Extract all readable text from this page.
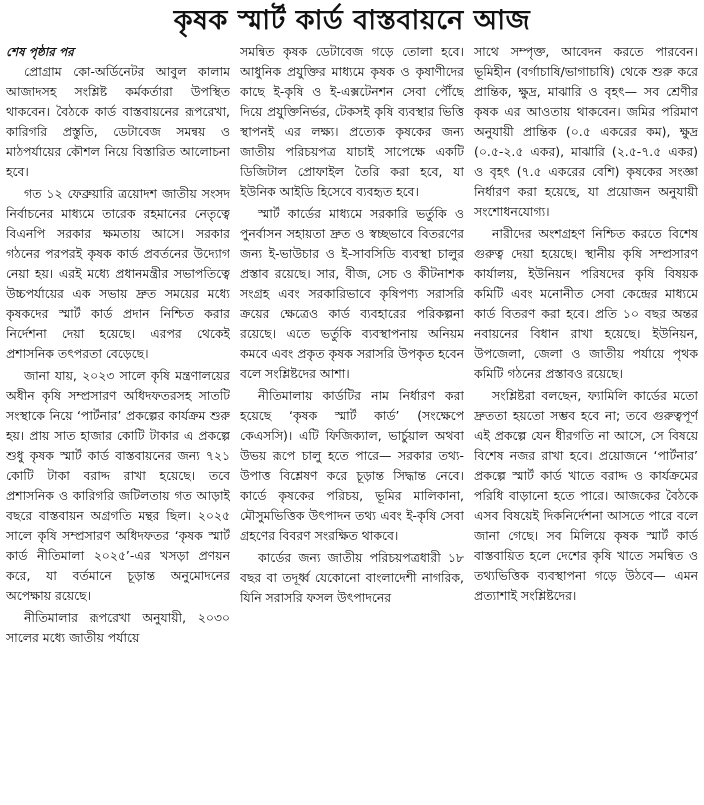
কৃষক স্মার্ট কার্ড বাস্তবায়নে আজ
শেষ পৃষ্ঠার পর

প্রোগ্রাম কো-অর্ডিনেটর আবুল কালাম আজাদসহ সংশ্লিষ্ট কর্মকর্তারা উপস্থিত থাকবেন। বৈঠকে কার্ড বাস্তবায়নের রূপরেখা, কারিগরি প্রস্তুতি, ডেটাবেজ সমন্বয় ও মাঠপর্যায়ের কৌশল নিয়ে বিস্তারিত আলোচনা হবে।

গত ১২ ফেব্রুয়ারি ত্রয়োদশ জাতীয় সংসদ নির্বাচনের মাধ্যমে তারেক রহমানের নেতৃত্বে বিএনপি সরকার ক্ষমতায় আসে। সরকার গঠনের পরপরই কৃষক কার্ড প্রবর্তনের উদ্যোগ নেয়া হয়। এরই মধ্যে প্রধানমন্ত্রীর সভাপতিত্বে উচ্চপর্যায়ের এক সভায় দ্রুত সময়ের মধ্যে কৃষকদের স্মার্ট কার্ড প্রদান নিশ্চিত করার নির্দেশনা দেয়া হয়েছে। এরপর থেকেই প্রশাসনিক তৎপরতা বেড়েছে।

জানা যায়, ২০২৩ সালে কৃষি মন্ত্রণালয়ের অধীন কৃষি সম্প্রসারণ অধিদফতরসহ সাতটি সংস্থাকে নিয়ে ‘পার্টনার’ প্রকল্পের কার্যক্রম শুরু হয়। প্রায় সাত হাজার কোটি টাকার এ প্রকল্পে শুধু কৃষক স্মার্ট কার্ড বাস্তবায়নের জন্য ৭২১ কোটি টাকা বরাদ্দ রাখা হয়েছে। তবে প্রশাসনিক ও কারিগরি জটিলতায় গত আড়াই বছরে বাস্তবায়ন অগ্রগতি মন্থর ছিল। ২০২৫ সালে কৃষি সম্প্রসারণ অধিদফতর ‘কৃষক স্মার্ট কার্ড নীতিমালা ২০২৫’-এর খসড়া প্রণয়ন করে, যা বর্তমানে চূড়ান্ত অনুমোদনের অপেক্ষায় রয়েছে।

নীতিমালার রূপরেখা অনুযায়ী, ২০৩০ সালের মধ্যে জাতীয় পর্যায়ে

সমন্বিত কৃষক ডেটাবেজ গড়ে তোলা হবে। আধুনিক প্রযুক্তির মাধ্যমে কৃষক ও কৃষাণীদের কাছে ই-কৃষি ও ই-এক্সটেনশন সেবা পৌঁছে দিয়ে প্রযুক্তিনির্ভর, টেকসই কৃষি ব্যবস্থার ভিত্তি স্থাপনই এর লক্ষ্য। প্রত্যেক কৃষকের জন্য জাতীয় পরিচয়পত্র যাচাই সাপেক্ষে একটি ডিজিটাল প্রোফাইল তৈরি করা হবে, যা ইউনিক আইডি হিসেবে ব্যবহৃত হবে।

স্মার্ট কার্ডের মাধ্যমে সরকারি ভর্তুকি ও পুনর্বাসন সহায়তা দ্রুত ও স্বচ্ছভাবে বিতরণের জন্য ই-ভাউচার ও ই-সাবসিডি ব্যবস্থা চালুর প্রস্তাব রয়েছে। সার, বীজ, সেচ ও কীটনাশক সংগ্রহ এবং সরকারিভাবে কৃষিপণ্য সরাসরি ক্রয়ের ক্ষেত্রেও কার্ড ব্যবহারের পরিকল্পনা রয়েছে। এতে ভর্তুকি ব্যবস্থাপনায় অনিয়ম কমবে এবং প্রকৃত কৃষক সরাসরি উপকৃত হবেন বলে সংশ্লিষ্টদের আশা।

নীতিমালায় কার্ডটির নাম নির্ধারণ করা হয়েছে ‘কৃষক স্মার্ট কার্ড’ (সংক্ষেপে কেএসসি)। এটি ফিজিক্যাল, ভার্চুয়াল অথবা উভয় রূপে চালু হতে পারে— সরকার তথ্য-উপাত্ত বিশ্লেষণ করে চূড়ান্ত সিদ্ধান্ত নেবে। কার্ডে কৃষকের পরিচয়, ভূমির মালিকানা, মৌসুমভিত্তিক উৎপাদন তথ্য এবং ই-কৃষি সেবা গ্রহণের বিবরণ সংরক্ষিত থাকবে।

কার্ডের জন্য জাতীয় পরিচয়পত্রধারী ১৮ বছর বা তদূর্ধ্ব যেকোনো বাংলাদেশী নাগরিক, যিনি সরাসরি ফসল উৎপাদনের

সাথে সম্পৃক্ত, আবেদন করতে পারবেন। ভূমিহীন (বর্গাচাষি/ভাগাচাষি) থেকে শুরু করে প্রান্তিক, ক্ষুদ্র, মাঝারি ও বৃহৎ— সব শ্রেণীর কৃষক এর আওতায় থাকবেন। জমির পরিমাণ অনুযায়ী প্রান্তিক (০.৫ একরের কম), ক্ষুদ্র (০.৫-২.৫ একর), মাঝারি (২.৫-৭.৫ একর) ও বৃহৎ (৭.৫ একরের বেশি) কৃষকের সংজ্ঞা নির্ধারণ করা হয়েছে, যা প্রয়োজন অনুযায়ী সংশোধনযোগ্য।

নারীদের অংশগ্রহণ নিশ্চিত করতে বিশেষ গুরুত্ব দেয়া হয়েছে। স্থানীয় কৃষি সম্প্রসারণ কার্যালয়, ইউনিয়ন পরিষদের কৃষি বিষয়ক কমিটি এবং মনোনীত সেবা কেন্দ্রের মাধ্যমে কার্ড বিতরণ করা হবে। প্রতি ১০ বছর অন্তর নবায়নের বিধান রাখা হয়েছে। ইউনিয়ন, উপজেলা, জেলা ও জাতীয় পর্যায়ে পৃথক কমিটি গঠনের প্রস্তাবও রয়েছে।

সংশ্লিষ্টরা বলছেন, ফ্যামিলি কার্ডের মতো দ্রুততা হয়তো সম্ভব হবে না; তবে গুরুত্বপূর্ণ এই প্রকল্পে যেন ধীরগতি না আসে, সে বিষয়ে বিশেষ নজর রাখা হবে। প্রয়োজনে ‘পার্টনার’ প্রকল্পে স্মার্ট কার্ড খাতে বরাদ্দ ও কার্যক্রমের পরিধি বাড়ানো হতে পারে। আজকের বৈঠকে এসব বিষয়েই দিকনির্দেশনা আসতে পারে বলে জানা গেছে। সব মিলিয়ে কৃষক স্মার্ট কার্ড বাস্তবায়িত হলে দেশের কৃষি খাতে সমন্বিত ও তথ্যভিত্তিক ব্যবস্থাপনা গড়ে উঠবে— এমন প্রত্যাশাই সংশ্লিষ্টদের।
